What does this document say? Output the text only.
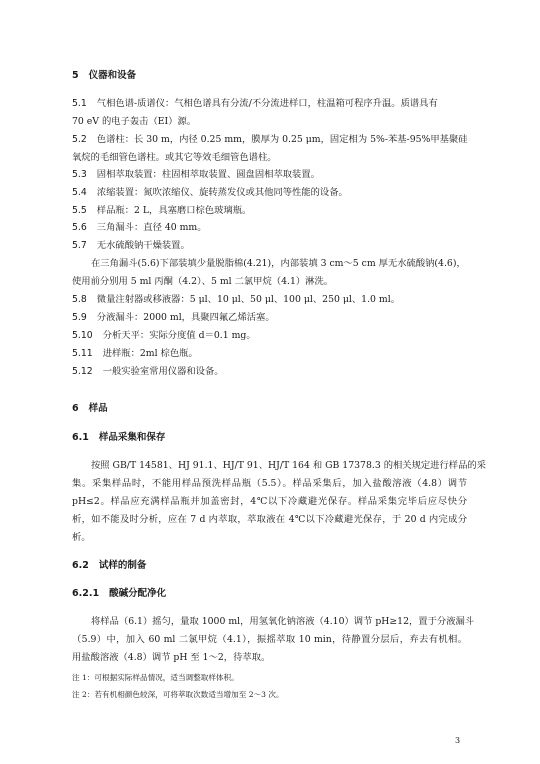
5 仪器和设备
5.1 气相色谱-质谱仪：气相色谱具有分流/不分流进样口，柱温箱可程序升温。质谱具有
70 eV 的电子轰击（EI）源。
5.2 色谱柱：长 30 m，内径 0.25 mm，膜厚为 0.25 μm，固定相为 5%-苯基-95%甲基聚硅
氧烷的毛细管色谱柱。或其它等效毛细管色谱柱。
5.3 固相萃取装置：柱固相萃取装置、圆盘固相萃取装置。
5.4 浓缩装置：氮吹浓缩仪、旋转蒸发仪或其他同等性能的设备。
5.5 样品瓶：2 L，具塞磨口棕色玻璃瓶。
5.6 三角漏斗：直径 40 mm。
5.7 无水硫酸钠干燥装置。
在三角漏斗(5.6)下部装填少量脱脂棉(4.21)，内部装填 3 cm～5 cm 厚无水硫酸钠(4.6)，
使用前分别用 5 ml 丙酮（4.2）、5 ml 二氯甲烷（4.1）淋洗。
5.8 微量注射器或移液器：5 μl、10 μl、50 μl、100 μl、250 μl、1.0 ml。
5.9 分液漏斗：2000 ml，具聚四氟乙烯活塞。
5.10 分析天平：实际分度值 d＝0.1 mg。
5.11 进样瓶：2ml 棕色瓶。
5.12 一般实验室常用仪器和设备。
6 样品
6.1 样品采集和保存
按照 GB/T 14581、HJ 91.1、HJ/T 91、HJ/T 164 和 GB 17378.3 的相关规定进行样品的采
集。采集样品时，不能用样品预洗样品瓶（5.5）。样品采集后，加入盐酸溶液（4.8）调节
pH≤2。样品应充满样品瓶并加盖密封，4℃以下冷藏避光保存。样品采集完毕后应尽快分
析，如不能及时分析，应在 7 d 内萃取，萃取液在 4℃以下冷藏避光保存，于 20 d 内完成分
析。
6.2 试样的制备
6.2.1 酸碱分配净化
将样品（6.1）摇匀，量取 1000 ml，用氢氧化钠溶液（4.10）调节 pH≥12，置于分液漏斗
（5.9）中，加入 60 ml 二氯甲烷（4.1），振摇萃取 10 min，待静置分层后，弃去有机相。
用盐酸溶液（4.8）调节 pH 至 1～2，待萃取。
注 1：可根据实际样品情况，适当调整取样体积。
注 2：若有机相颜色较深，可将萃取次数适当增加至 2～3 次。
3
